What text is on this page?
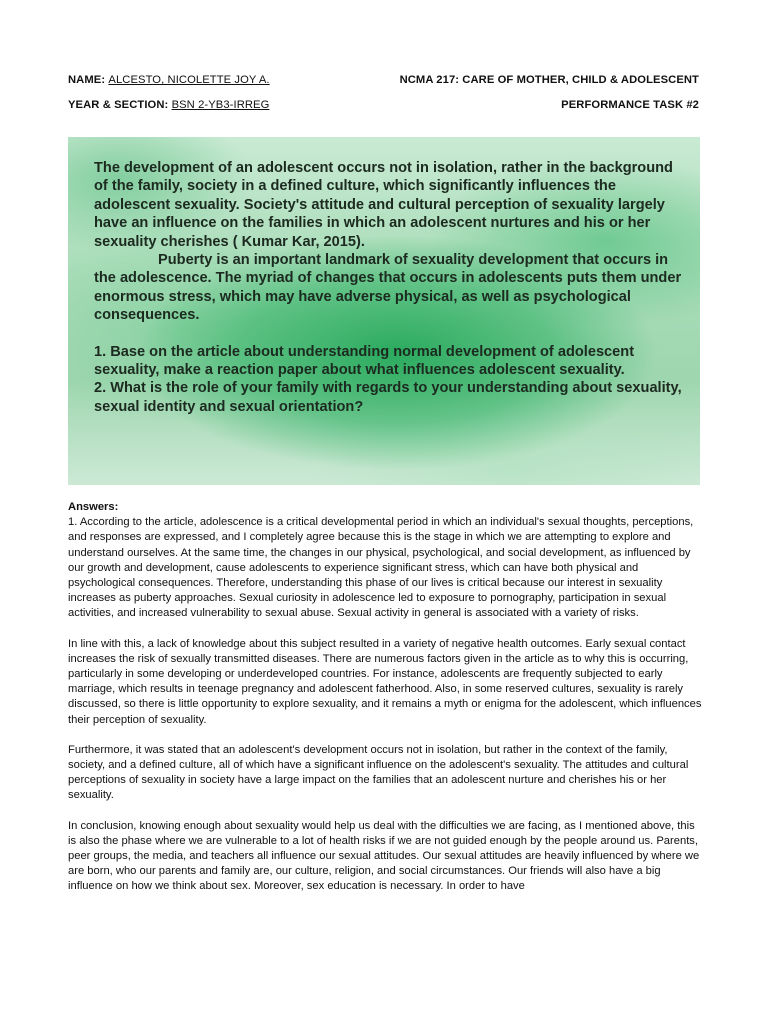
NAME: ALCESTO, NICOLETTE JOY A.	NCMA 217: CARE OF MOTHER, CHILD & ADOLESCENT
YEAR & SECTION: BSN 2-YB3-IRREG	PERFORMANCE TASK #2

The development of an adolescent occurs not in isolation, rather in the background of the family, society in a defined culture, which significantly influences the adolescent sexuality. Society's attitude and cultural perception of sexuality largely have an influence on the families in which an adolescent nurtures and his or her sexuality cherishes ( Kumar Kar, 2015).

Puberty is an important landmark of sexuality development that occurs in the adolescence. The myriad of changes that occurs in adolescents puts them under enormous stress, which may have adverse physical, as well as psychological consequences.

1. Base on the article about understanding normal development of adolescent sexuality, make a reaction paper about what influences adolescent sexuality.

2. What is the role of your family with regards to your understanding about sexuality, sexual identity and sexual orientation?

Answers:

1. According to the article, adolescence is a critical developmental period in which an individual's sexual thoughts, perceptions, and responses are expressed, and I completely agree because this is the stage in which we are attempting to explore and understand ourselves. At the same time, the changes in our physical, psychological, and social development, as influenced by our growth and development, cause adolescents to experience significant stress, which can have both physical and psychological consequences. Therefore, understanding this phase of our lives is critical because our interest in sexuality increases as puberty approaches. Sexual curiosity in adolescence led to exposure to pornography, participation in sexual activities, and increased vulnerability to sexual abuse. Sexual activity in general is associated with a variety of risks.

In line with this, a lack of knowledge about this subject resulted in a variety of negative health outcomes. Early sexual contact increases the risk of sexually transmitted diseases. There are numerous factors given in the article as to why this is occurring, particularly in some developing or underdeveloped countries. For instance, adolescents are frequently subjected to early marriage, which results in teenage pregnancy and adolescent fatherhood. Also, in some reserved cultures, sexuality is rarely discussed, so there is little opportunity to explore sexuality, and it remains a myth or enigma for the adolescent, which influences their perception of sexuality.

Furthermore, it was stated that an adolescent's development occurs not in isolation, but rather in the context of the family, society, and a defined culture, all of which have a significant influence on the adolescent's sexuality. The attitudes and cultural perceptions of sexuality in society have a large impact on the families that an adolescent nurture and cherishes his or her sexuality.

In conclusion, knowing enough about sexuality would help us deal with the difficulties we are facing, as I mentioned above, this is also the phase where we are vulnerable to a lot of health risks if we are not guided enough by the people around us. Parents, peer groups, the media, and teachers all influence our sexual attitudes. Our sexual attitudes are heavily influenced by where we are born, who our parents and family are, our culture, religion, and social circumstances. Our friends will also have a big influence on how we think about sex. Moreover, sex education is necessary. In order to have
